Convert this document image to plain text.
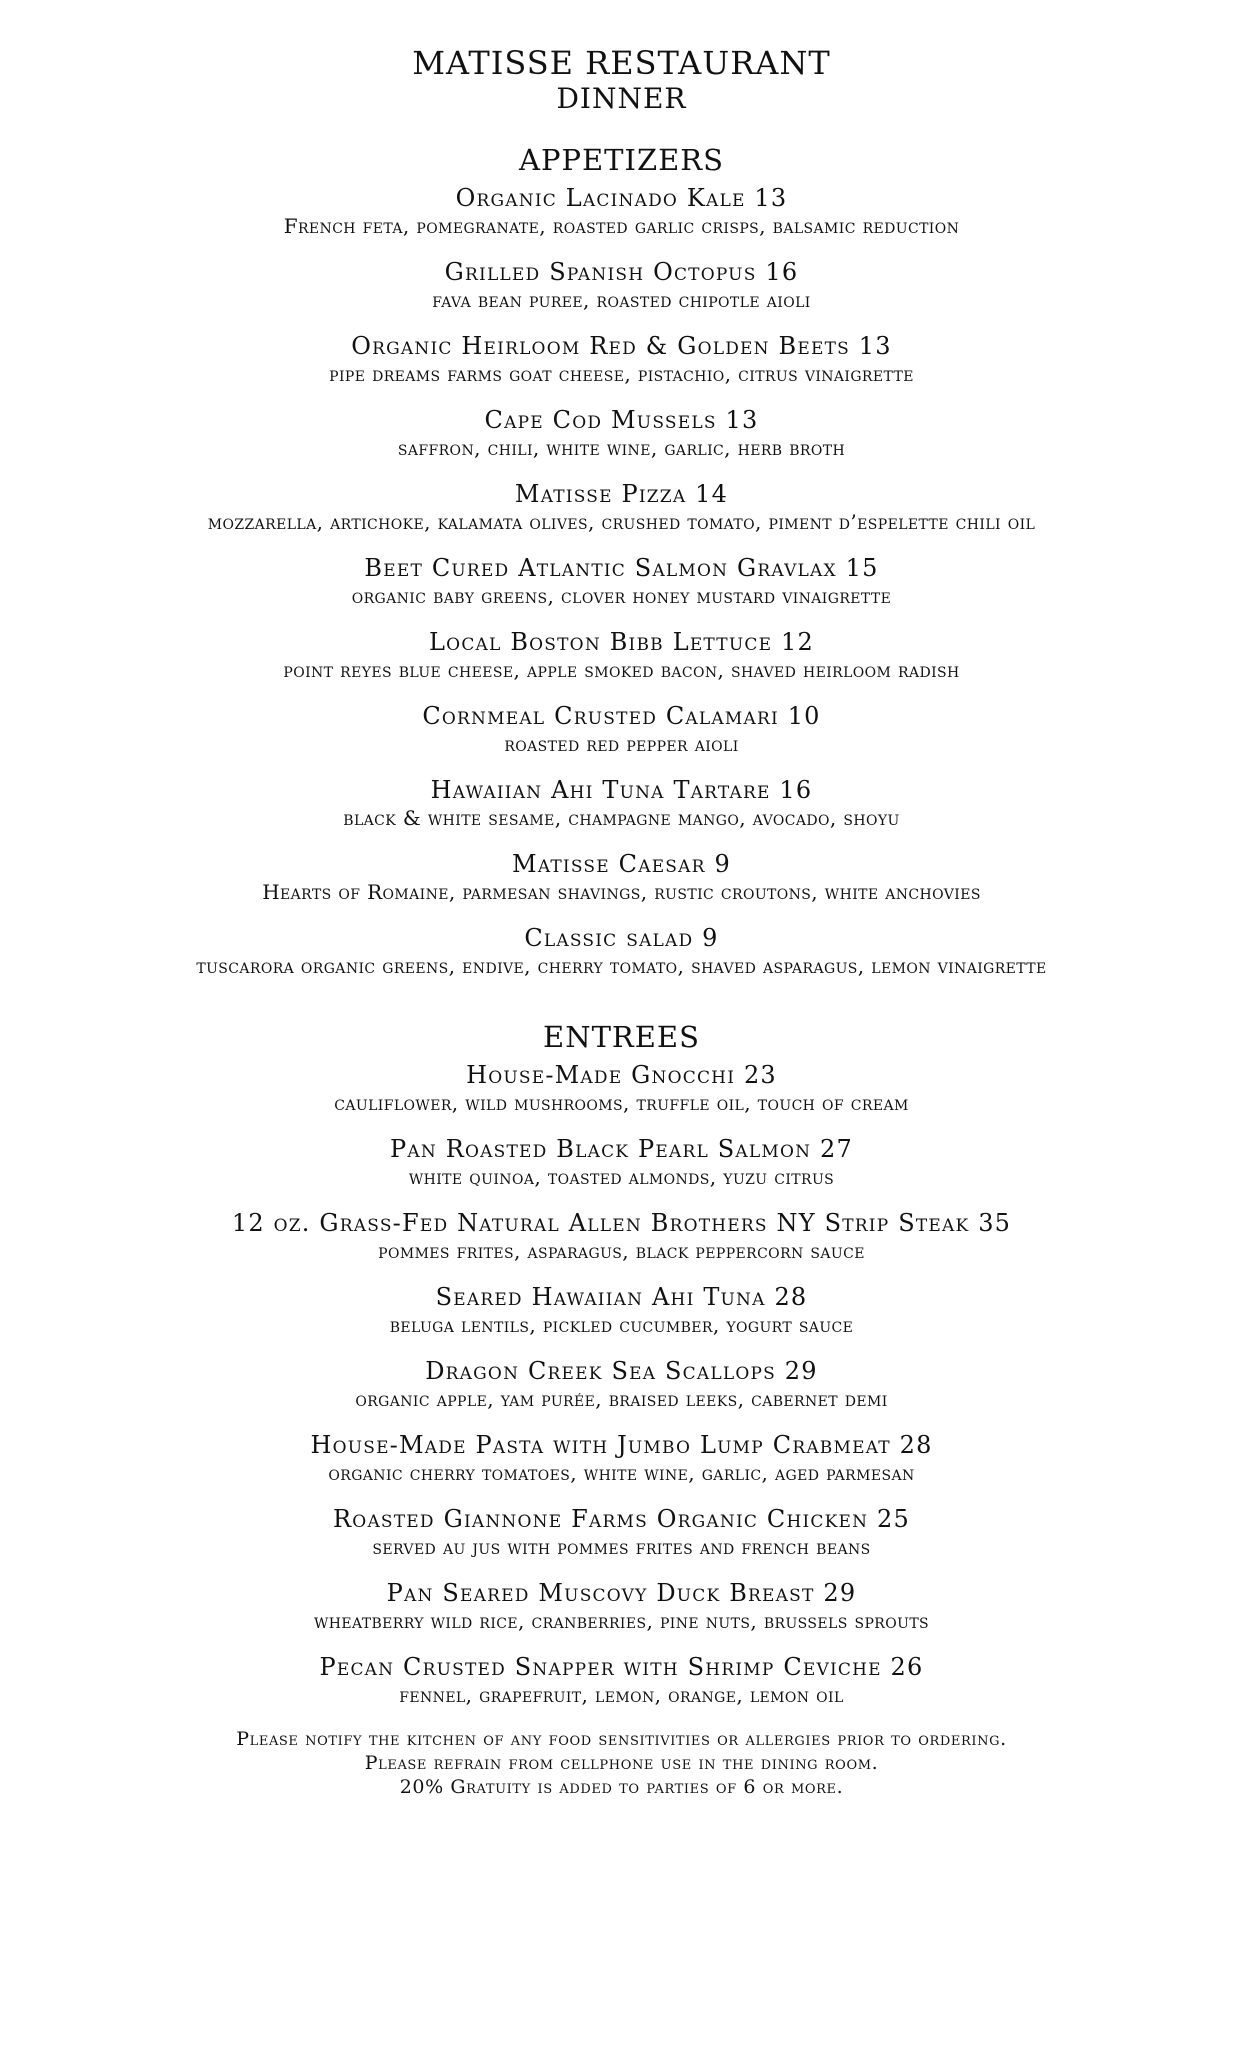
MATISSE RESTAURANT
DINNER
APPETIZERS
Organic Lacinado Kale 13
French feta, pomegranate, roasted garlic crisps, balsamic reduction
Grilled Spanish Octopus 16
fava bean puree, roasted chipotle aioli
Organic Heirloom Red & Golden Beets 13
pipe dreams farms goat cheese, pistachio, citrus vinaigrette
Cape Cod Mussels 13
saffron, chili, white wine, garlic, herb broth
Matisse Pizza 14
mozzarella, artichoke, kalamata olives, crushed tomato, piment d’espelette chili oil
Beet Cured Atlantic Salmon Gravlax 15
organic baby greens, clover honey mustard vinaigrette
Local Boston Bibb Lettuce 12
point reyes blue cheese, apple smoked bacon, shaved heirloom radish
Cornmeal Crusted Calamari 10
roasted red pepper aioli
Hawaiian Ahi Tuna Tartare 16
black & white sesame, champagne mango, avocado, shoyu
Matisse Caesar 9
Hearts of Romaine, parmesan shavings, rustic croutons, white anchovies
Classic salad 9
tuscarora organic greens, endive, cherry tomato, shaved asparagus, lemon vinaigrette
ENTREES
House-Made Gnocchi 23
cauliflower, wild mushrooms, truffle oil, touch of cream
Pan Roasted Black Pearl Salmon 27
white quinoa, toasted almonds, yuzu citrus
12 oz. Grass-Fed Natural Allen Brothers NY Strip Steak 35
pommes frites, asparagus, black peppercorn sauce
Seared Hawaiian Ahi Tuna 28
beluga lentils, pickled cucumber, yogurt sauce
Dragon Creek Sea Scallops 29
organic apple, yam purée, braised leeks, cabernet demi
House-Made Pasta with Jumbo Lump Crabmeat 28
organic cherry tomatoes, white wine, garlic, aged parmesan
Roasted Giannone Farms Organic Chicken 25
served au jus with pommes frites and french beans
Pan Seared Muscovy Duck Breast 29
wheatberry wild rice, cranberries, pine nuts, brussels sprouts
Pecan Crusted Snapper with Shrimp Ceviche 26
fennel, grapefruit, lemon, orange, lemon oil
Please notify the kitchen of any food sensitivities or allergies prior to ordering.
Please refrain from cellphone use in the dining room.
20% Gratuity is added to parties of 6 or more.
